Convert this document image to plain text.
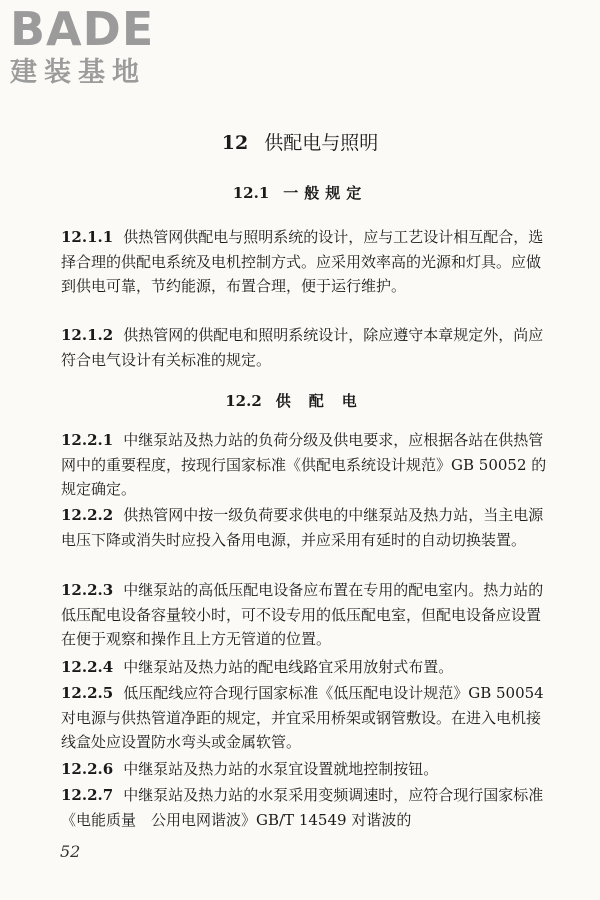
BADE
建装基地
12 供配电与照明
12.1 一般规定
12.1.1 供热管网供配电与照明系统的设计，应与工艺设计相互配合，选择合理的供配电系统及电机控制方式。应采用效率高的光源和灯具。应做到供电可靠，节约能源，布置合理，便于运行维护。
12.1.2 供热管网的供配电和照明系统设计，除应遵守本章规定外，尚应符合电气设计有关标准的规定。
12.2 供配电
12.2.1 中继泵站及热力站的负荷分级及供电要求，应根据各站在供热管网中的重要程度，按现行国家标准《供配电系统设计规范》GB 50052 的规定确定。
12.2.2 供热管网中按一级负荷要求供电的中继泵站及热力站，当主电源电压下降或消失时应投入备用电源，并应采用有延时的自动切换装置。
12.2.3 中继泵站的高低压配电设备应布置在专用的配电室内。热力站的低压配电设备容量较小时，可不设专用的低压配电室，但配电设备应设置在便于观察和操作且上方无管道的位置。
12.2.4 中继泵站及热力站的配电线路宜采用放射式布置。
12.2.5 低压配线应符合现行国家标准《低压配电设计规范》GB 50054 对电源与供热管道净距的规定，并宜采用桥架或钢管敷设。在进入电机接线盒处应设置防水弯头或金属软管。
12.2.6 中继泵站及热力站的水泵宜设置就地控制按钮。
12.2.7 中继泵站及热力站的水泵采用变频调速时，应符合现行国家标准《电能质量　公用电网谐波》GB/T 14549 对谐波的
52
